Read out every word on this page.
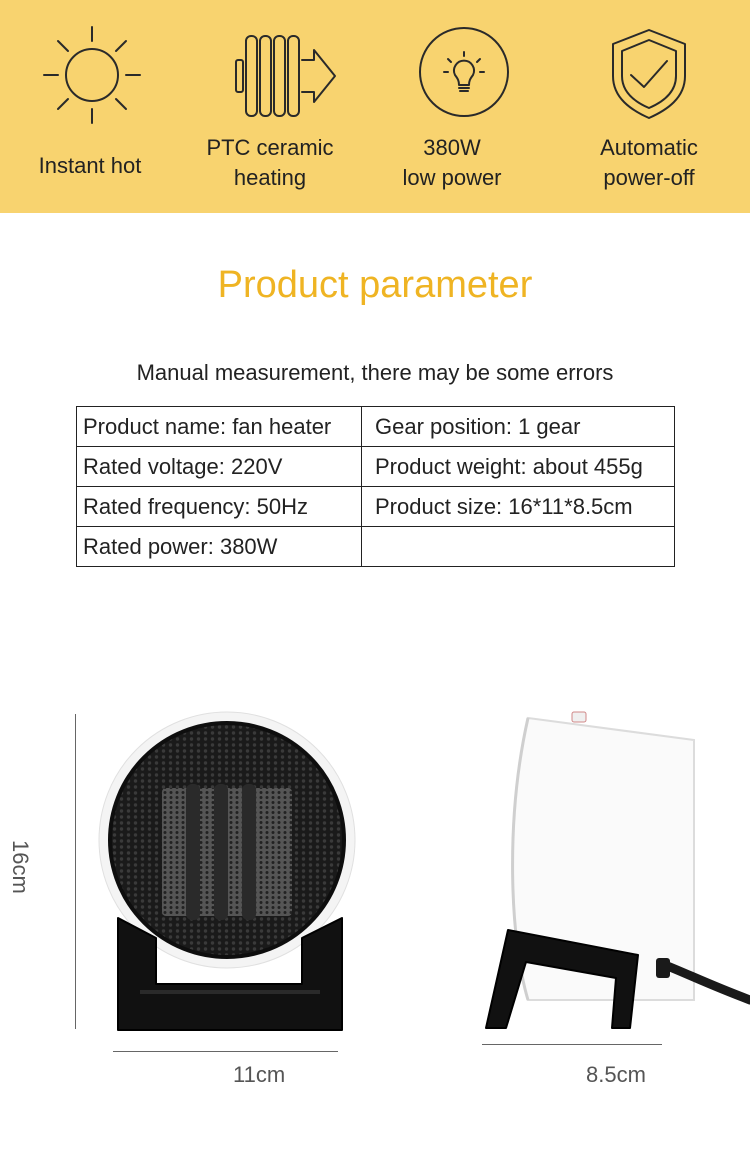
Instant hot
PTC ceramic
heating
380W
low power
Automatic
power-off
Product parameter
Manual measurement, there may be some errors
Product name: fan heater	Gear position: 1 gear
Rated voltage: 220V	Product weight: about 455g
Rated frequency: 50Hz	Product size: 16*11*8.5cm
Rated power: 380W	
16cm
11cm	8.5cm
